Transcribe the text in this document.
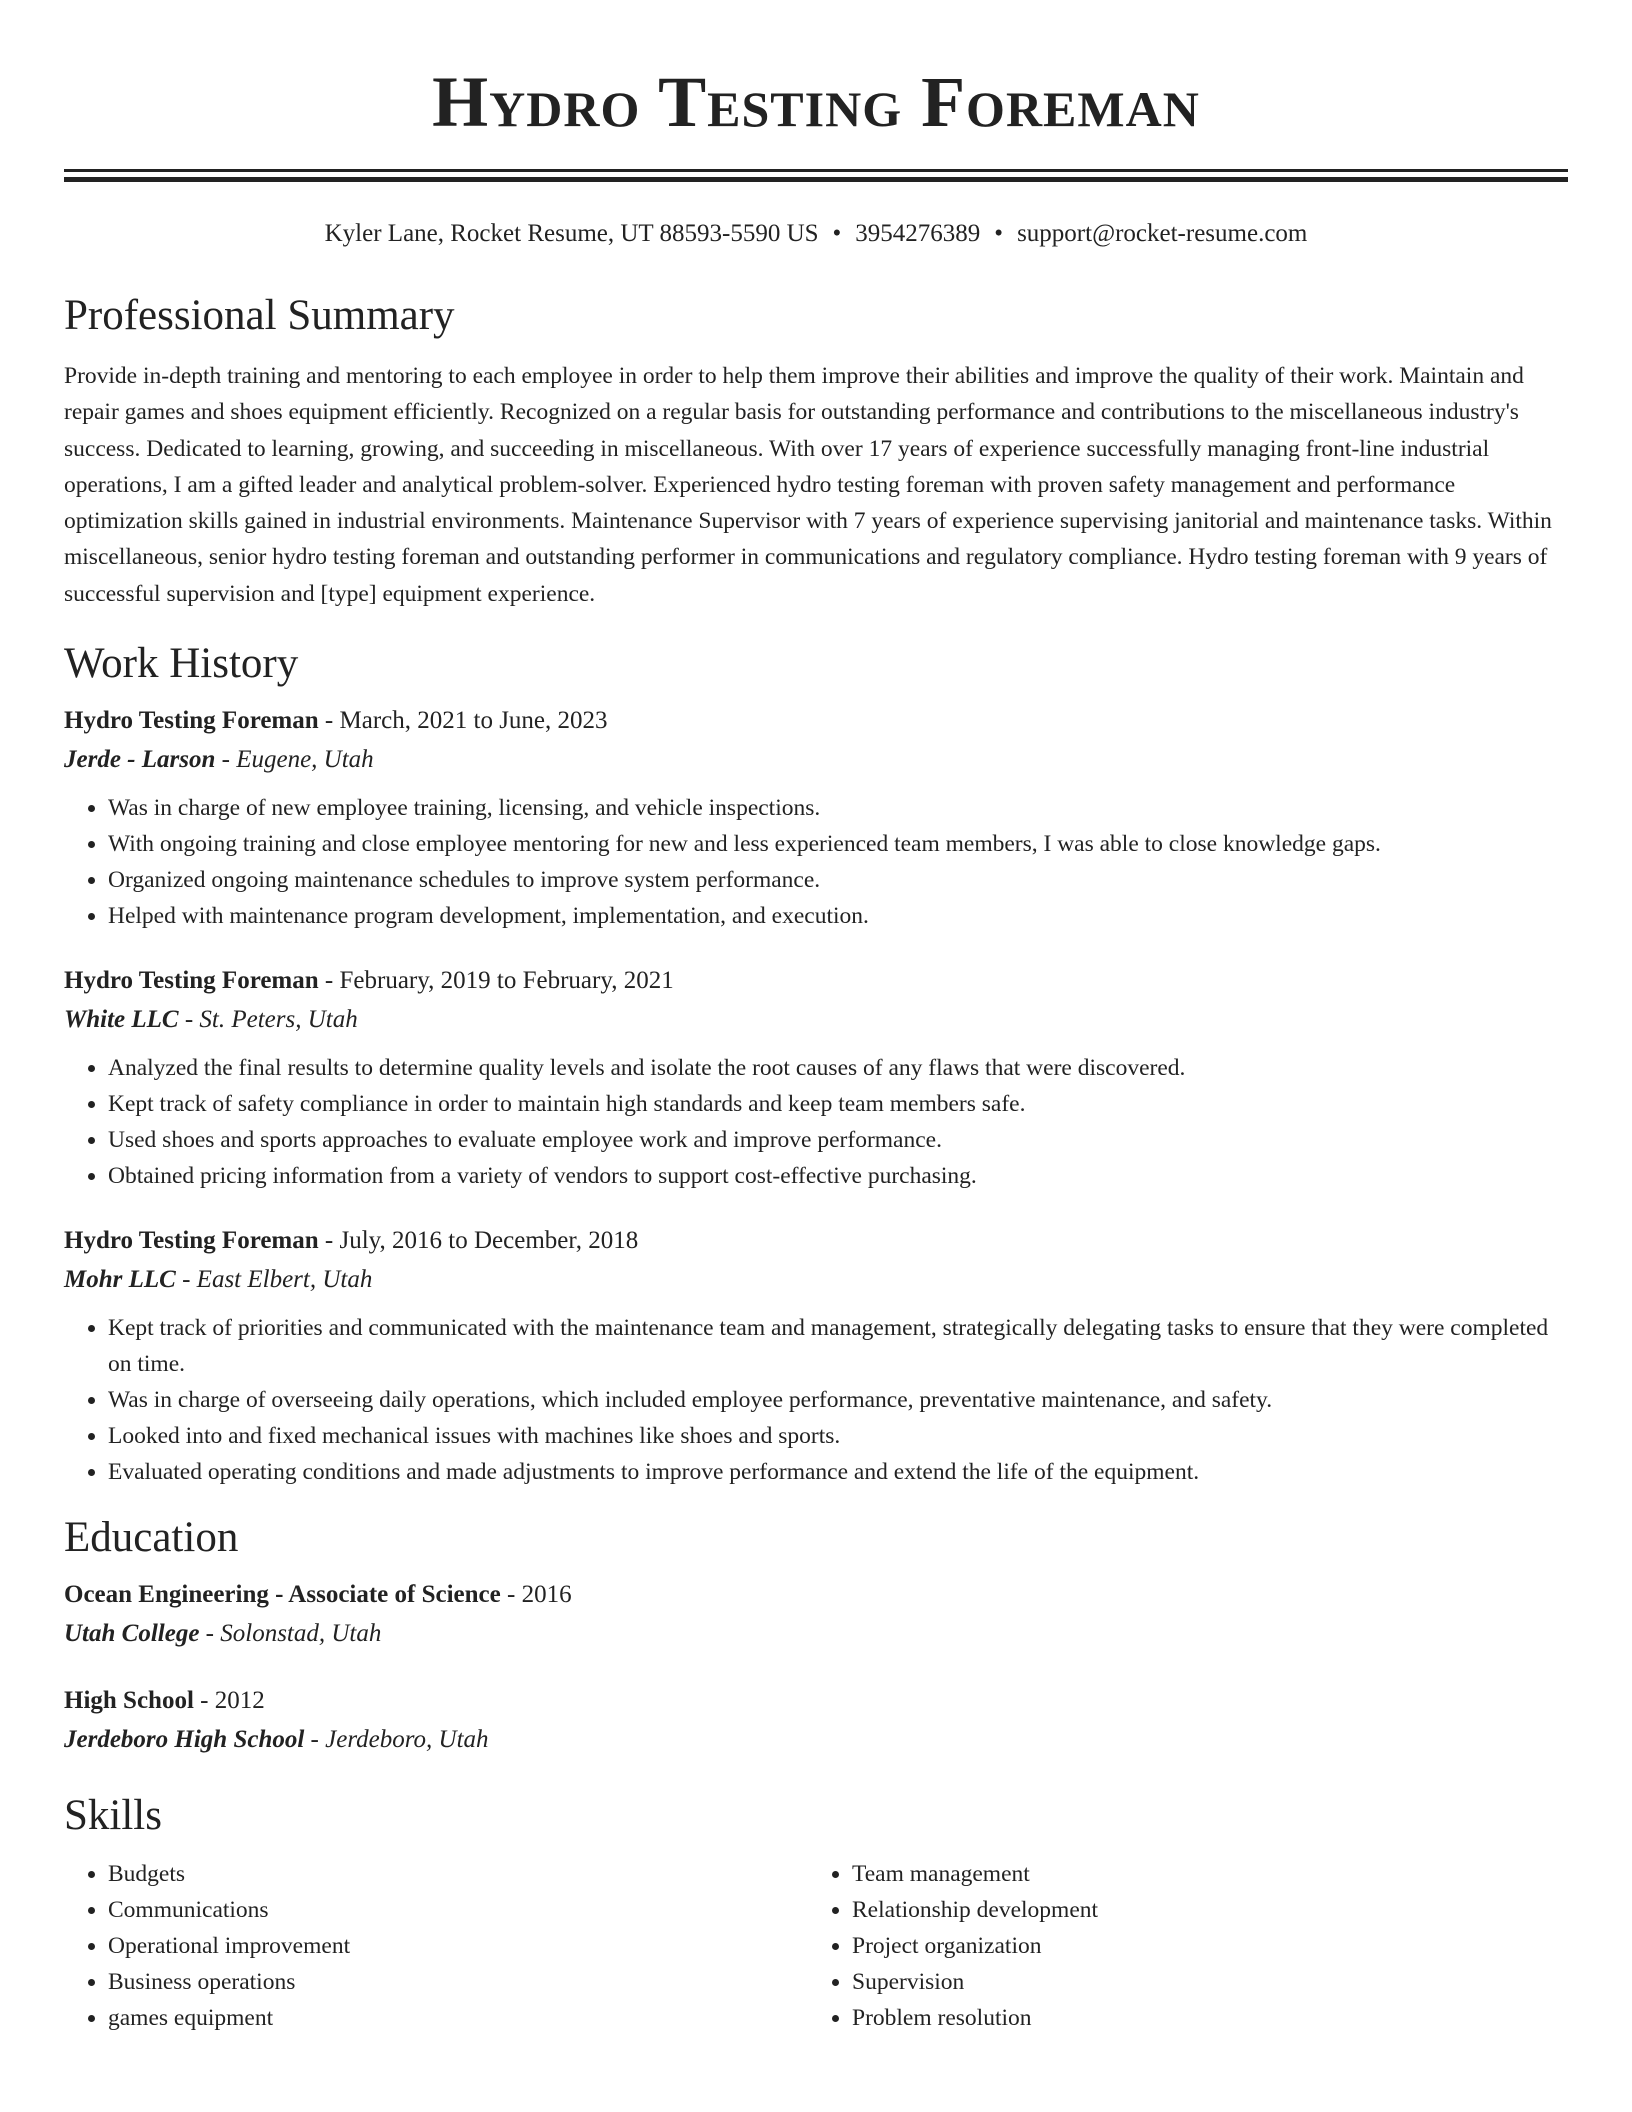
Hydro Testing Foreman
Kyler Lane, Rocket Resume, UT 88593-5590 US • 3954276389 • support@rocket-resume.com
Professional Summary

Provide in-depth training and mentoring to each employee in order to help them improve their abilities and improve the quality of their work. Maintain and repair games and shoes equipment efficiently. Recognized on a regular basis for outstanding performance and contributions to the miscellaneous industry's success. Dedicated to learning, growing, and succeeding in miscellaneous. With over 17 years of experience successfully managing front-line industrial operations, I am a gifted leader and analytical problem-solver. Experienced hydro testing foreman with proven safety management and performance optimization skills gained in industrial environments. Maintenance Supervisor with 7 years of experience supervising janitorial and maintenance tasks. Within miscellaneous, senior hydro testing foreman and outstanding performer in communications and regulatory compliance. Hydro testing foreman with 9 years of successful supervision and [type] equipment experience.

Work History
Hydro Testing Foreman - March, 2021 to June, 2023
Jerde - Larson - Eugene, Utah
• Was in charge of new employee training, licensing, and vehicle inspections.
• With ongoing training and close employee mentoring for new and less experienced team members, I was able to close knowledge gaps.
• Organized ongoing maintenance schedules to improve system performance.
• Helped with maintenance program development, implementation, and execution.
Hydro Testing Foreman - February, 2019 to February, 2021
White LLC - St. Peters, Utah
• Analyzed the final results to determine quality levels and isolate the root causes of any flaws that were discovered.
• Kept track of safety compliance in order to maintain high standards and keep team members safe.
• Used shoes and sports approaches to evaluate employee work and improve performance.
• Obtained pricing information from a variety of vendors to support cost-effective purchasing.
Hydro Testing Foreman - July, 2016 to December, 2018
Mohr LLC - East Elbert, Utah
• Kept track of priorities and communicated with the maintenance team and management, strategically delegating tasks to ensure that they were completed on time.
• Was in charge of overseeing daily operations, which included employee performance, preventative maintenance, and safety.
• Looked into and fixed mechanical issues with machines like shoes and sports.
• Evaluated operating conditions and made adjustments to improve performance and extend the life of the equipment.
Education
Ocean Engineering - Associate of Science - 2016
Utah College - Solonstad, Utah
High School - 2012
Jerdeboro High School - Jerdeboro, Utah
Skills
• Budgets
• Communications
• Operational improvement
• Business operations
• games equipment
• Team management
• Relationship development
• Project organization
• Supervision
• Problem resolution
